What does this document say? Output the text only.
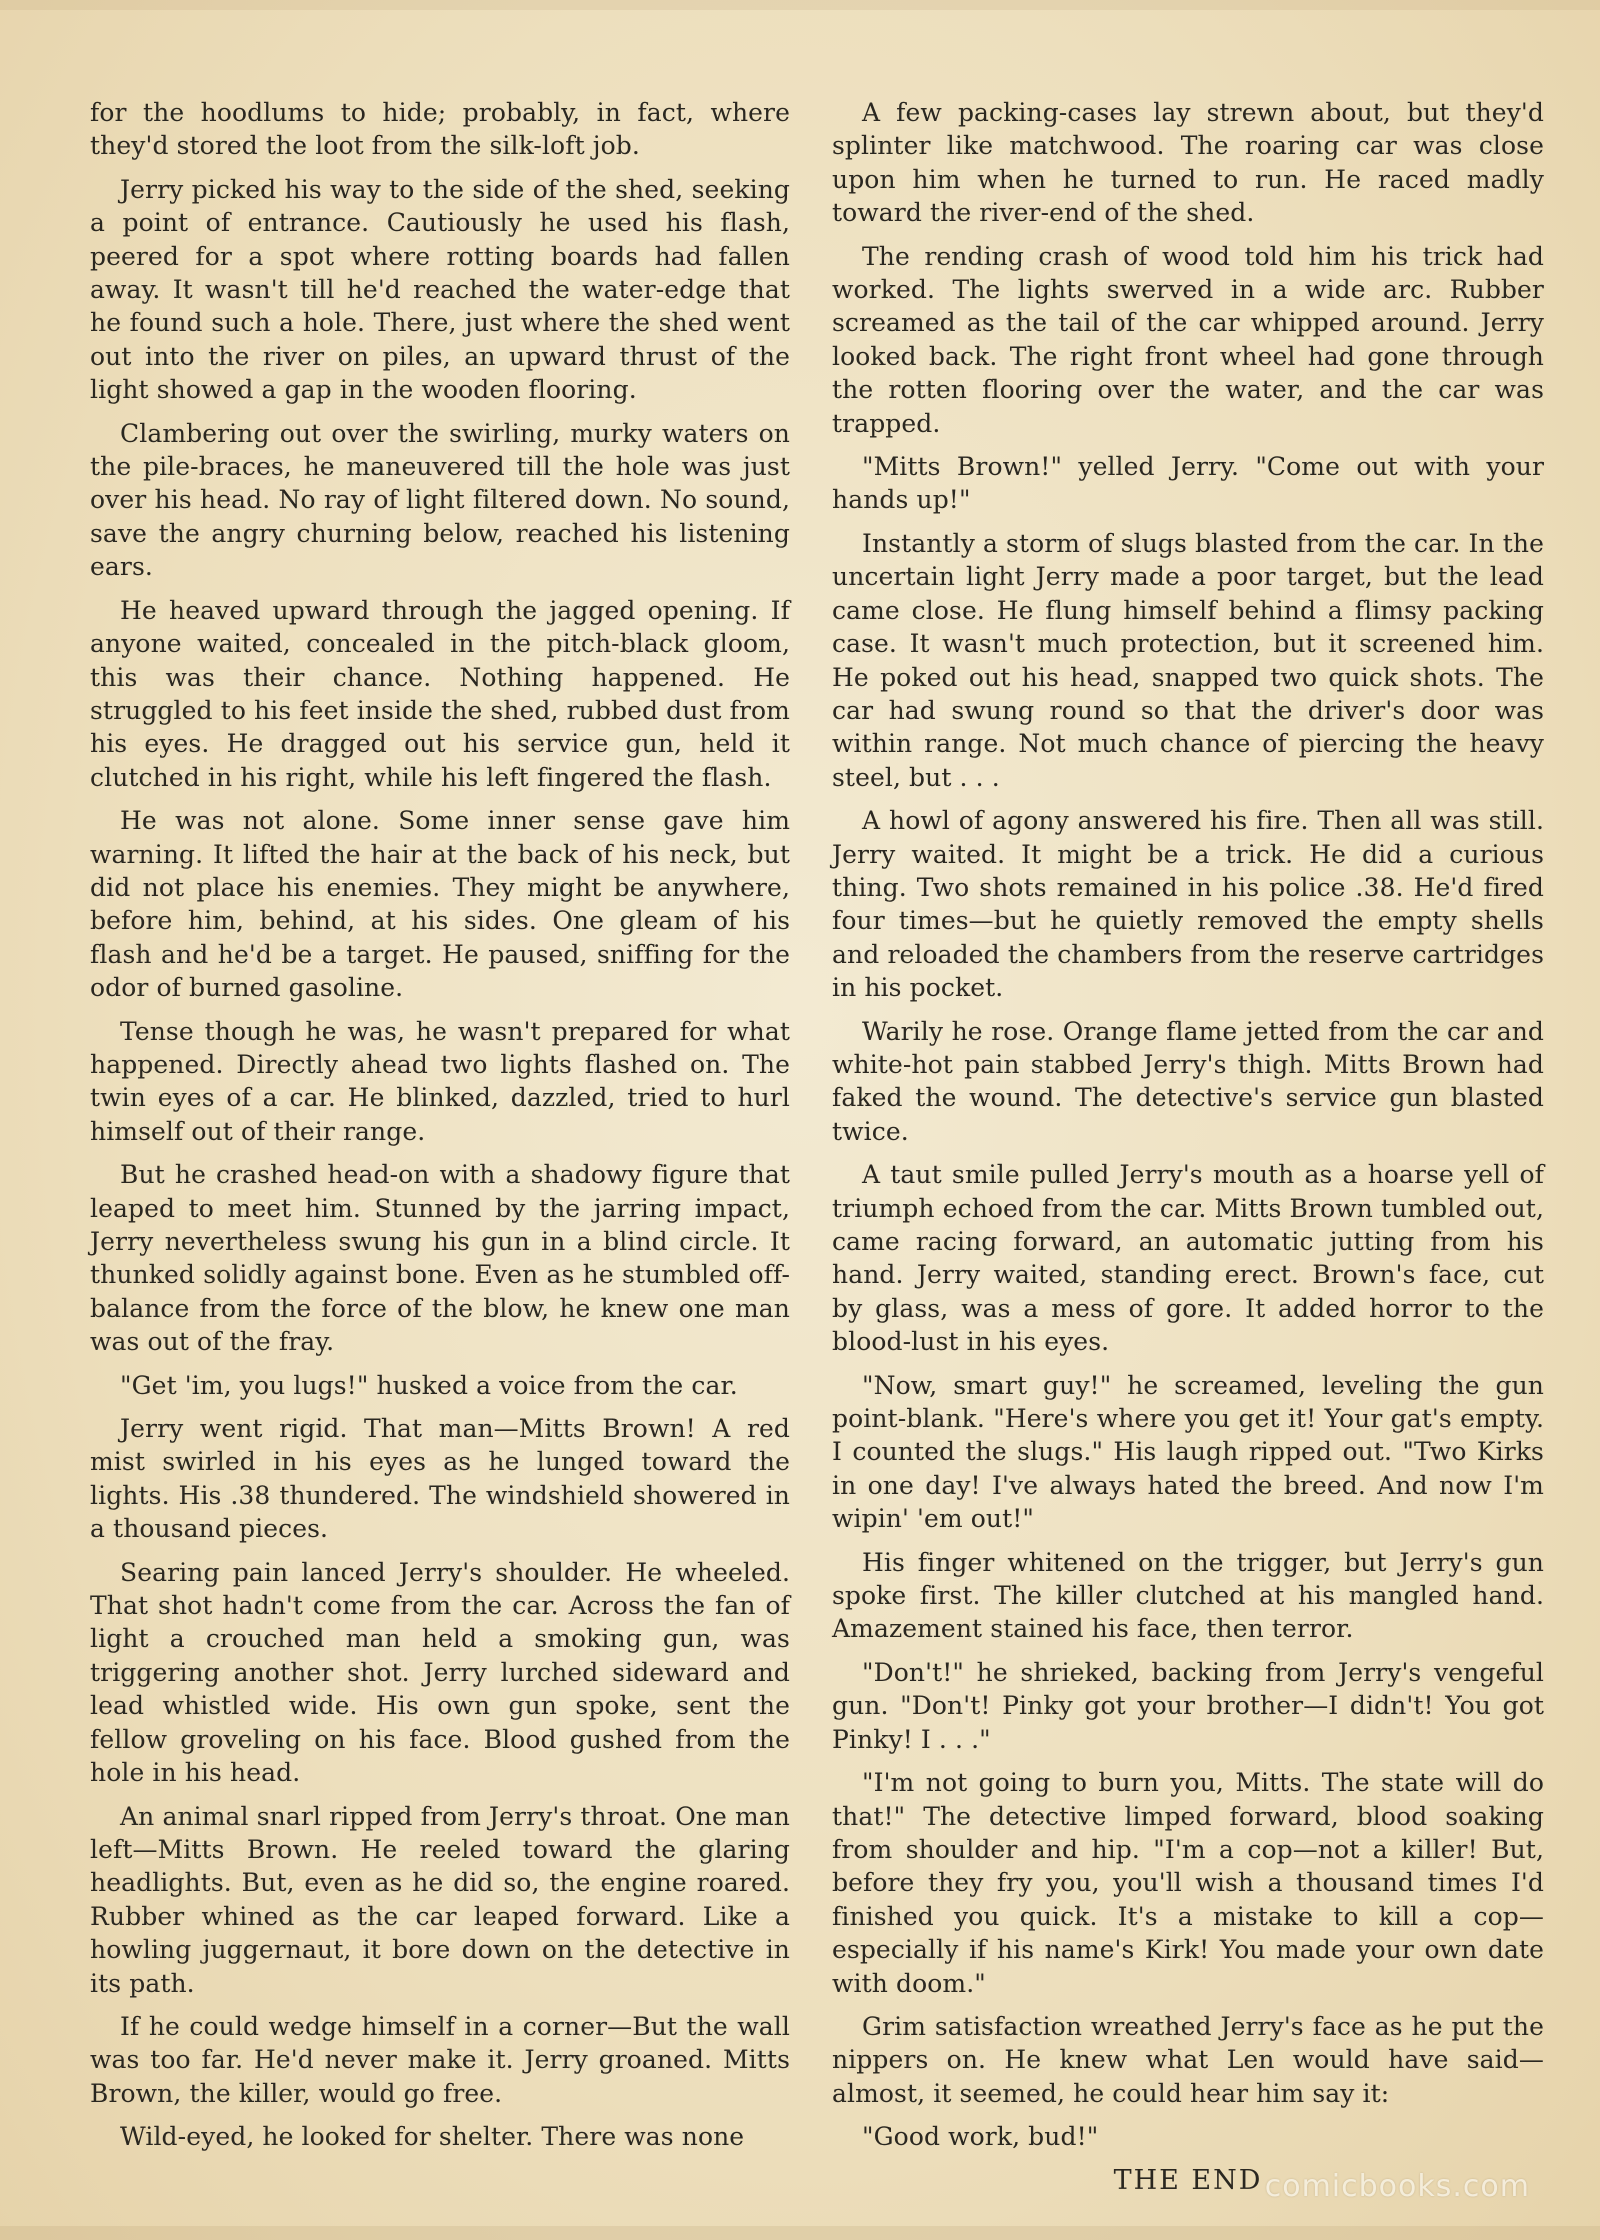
for the hoodlums to hide; probably, in fact, where they'd stored the loot from the silk-loft job.

Jerry picked his way to the side of the shed, seeking a point of entrance. Cautiously he used his flash, peered for a spot where rotting boards had fallen away. It wasn't till he'd reached the water-edge that he found such a hole. There, just where the shed went out into the river on piles, an upward thrust of the light showed a gap in the wooden flooring.

Clambering out over the swirling, murky waters on the pile-braces, he maneuvered till the hole was just over his head. No ray of light filtered down. No sound, save the angry churning below, reached his listening ears.

He heaved upward through the jagged opening. If anyone waited, concealed in the pitch-black gloom, this was their chance. Nothing happened. He struggled to his feet inside the shed, rubbed dust from his eyes. He dragged out his service gun, held it clutched in his right, while his left fingered the flash.

He was not alone. Some inner sense gave him warning. It lifted the hair at the back of his neck, but did not place his enemies. They might be anywhere, before him, behind, at his sides. One gleam of his flash and he'd be a target. He paused, sniffing for the odor of burned gasoline.

Tense though he was, he wasn't prepared for what happened. Directly ahead two lights flashed on. The twin eyes of a car. He blinked, dazzled, tried to hurl himself out of their range.

But he crashed head-on with a shadowy figure that leaped to meet him. Stunned by the jarring impact, Jerry nevertheless swung his gun in a blind circle. It thunked solidly against bone. Even as he stumbled off-balance from the force of the blow, he knew one man was out of the fray.

"Get 'im, you lugs!" husked a voice from the car.

Jerry went rigid. That man—Mitts Brown! A red mist swirled in his eyes as he lunged toward the lights. His .38 thundered. The windshield showered in a thousand pieces.

Searing pain lanced Jerry's shoulder. He wheeled. That shot hadn't come from the car. Across the fan of light a crouched man held a smoking gun, was triggering another shot. Jerry lurched sideward and lead whistled wide. His own gun spoke, sent the fellow groveling on his face. Blood gushed from the hole in his head.

An animal snarl ripped from Jerry's throat. One man left—Mitts Brown. He reeled toward the glaring headlights. But, even as he did so, the engine roared. Rubber whined as the car leaped forward. Like a howling juggernaut, it bore down on the detective in its path.

If he could wedge himself in a corner—But the wall was too far. He'd never make it. Jerry groaned. Mitts Brown, the killer, would go free.

Wild-eyed, he looked for shelter. There was none

A few packing-cases lay strewn about, but they'd splinter like matchwood. The roaring car was close upon him when he turned to run. He raced madly toward the river-end of the shed.

The rending crash of wood told him his trick had worked. The lights swerved in a wide arc. Rubber screamed as the tail of the car whipped around. Jerry looked back. The right front wheel had gone through the rotten flooring over the water, and the car was trapped.

"Mitts Brown!" yelled Jerry. "Come out with your hands up!"

Instantly a storm of slugs blasted from the car. In the uncertain light Jerry made a poor target, but the lead came close. He flung himself behind a flimsy packing case. It wasn't much protection, but it screened him. He poked out his head, snapped two quick shots. The car had swung round so that the driver's door was within range. Not much chance of piercing the heavy steel, but . . .

A howl of agony answered his fire. Then all was still. Jerry waited. It might be a trick. He did a curious thing. Two shots remained in his police .38. He'd fired four times—but he quietly removed the empty shells and reloaded the chambers from the reserve cartridges in his pocket.

Warily he rose. Orange flame jetted from the car and white-hot pain stabbed Jerry's thigh. Mitts Brown had faked the wound. The detective's service gun blasted twice.

A taut smile pulled Jerry's mouth as a hoarse yell of triumph echoed from the car. Mitts Brown tumbled out, came racing forward, an automatic jutting from his hand. Jerry waited, standing erect. Brown's face, cut by glass, was a mess of gore. It added horror to the blood-lust in his eyes.

"Now, smart guy!" he screamed, leveling the gun point-blank. "Here's where you get it! Your gat's empty. I counted the slugs." His laugh ripped out. "Two Kirks in one day! I've always hated the breed. And now I'm wipin' 'em out!"

His finger whitened on the trigger, but Jerry's gun spoke first. The killer clutched at his mangled hand. Amazement stained his face, then terror.

"Don't!" he shrieked, backing from Jerry's vengeful gun. "Don't! Pinky got your brother—I didn't! You got Pinky! I . . ."

"I'm not going to burn you, Mitts. The state will do that!" The detective limped forward, blood soaking from shoulder and hip. "I'm a cop—not a killer! But, before they fry you, you'll wish a thousand times I'd finished you quick. It's a mistake to kill a cop—especially if his name's Kirk! You made your own date with doom."

Grim satisfaction wreathed Jerry's face as he put the nippers on. He knew what Len would have said—almost, it seemed, he could hear him say it:

"Good work, bud!"

THE END comicbooks.com
